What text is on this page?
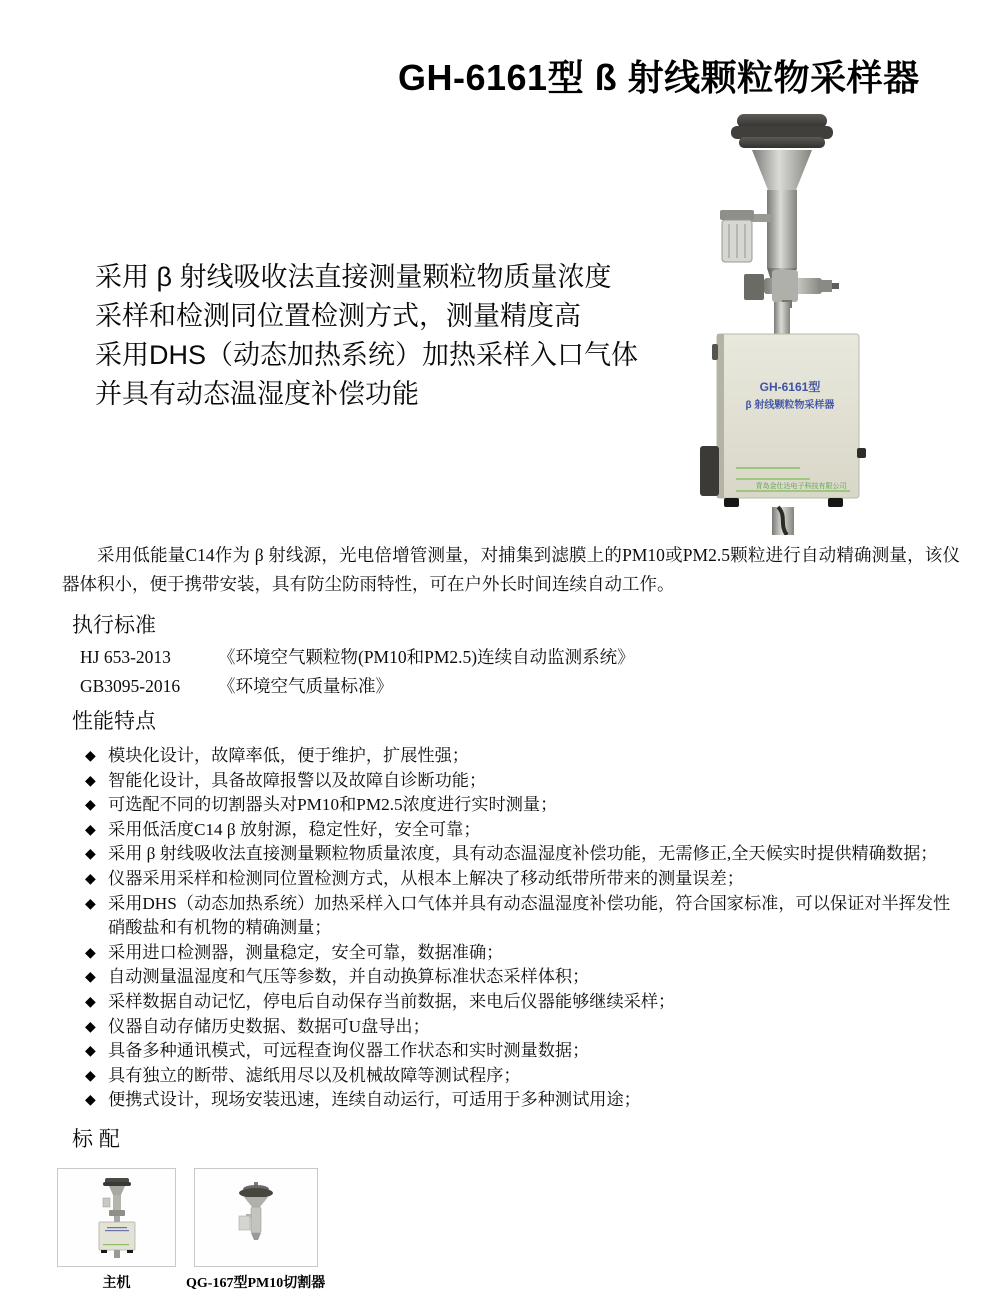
GH-6161型 ß 射线颗粒物采样器
GH-6161型
β 射线颗粒物采样器
青岛金仕达电子科技有限公司
采用 β 射线吸收法直接测量颗粒物质量浓度
采样和检测同位置检测方式，测量精度高
采用DHS（动态加热系统）加热采样入口气体
并具有动态温湿度补偿功能

采用低能量C14作为 β 射线源，光电倍增管测量，对捕集到滤膜上的PM10或PM2.5颗粒进行自动精确测量，该仪器体积小，便于携带安装，具有防尘防雨特性，可在户外长时间连续自动工作。

执行标准
HJ 653-2013	《环境空气颗粒物(PM10和PM2.5)连续自动监测系统》
GB3095-2016 《环境空气质量标准》
性能特点
◆ 模块化设计，故障率低，便于维护，扩展性强；
◆ 智能化设计，具备故障报警以及故障自诊断功能；
◆ 可选配不同的切割器头对PM10和PM2.5浓度进行实时测量；
◆ 采用低活度C14 β 放射源，稳定性好，安全可靠；
◆ 采用 β 射线吸收法直接测量颗粒物质量浓度，具有动态温湿度补偿功能，无需修正,全天候实时提供精确数据；
◆ 仪器采用采样和检测同位置检测方式，从根本上解决了移动纸带所带来的测量误差；
◆ 采用DHS（动态加热系统）加热采样入口气体并具有动态温湿度补偿功能，符合国家标准，可以保证对半挥发性硝酸盐和有机物的精确测量；
◆ 采用进口检测器，测量稳定，安全可靠，数据准确；
◆ 自动测量温湿度和气压等参数，并自动换算标准状态采样体积；
◆ 采样数据自动记忆，停电后自动保存当前数据，来电后仪器能够继续采样；
◆ 仪器自动存储历史数据、数据可U盘导出；
◆ 具备多种通讯模式，可远程查询仪器工作状态和实时测量数据；
◆ 具有独立的断带、滤纸用尽以及机械故障等测试程序；
◆ 便携式设计，现场安装迅速，连续自动运行，可适用于多种测试用途；
标 配
主机	QG-167型PM10切割器
